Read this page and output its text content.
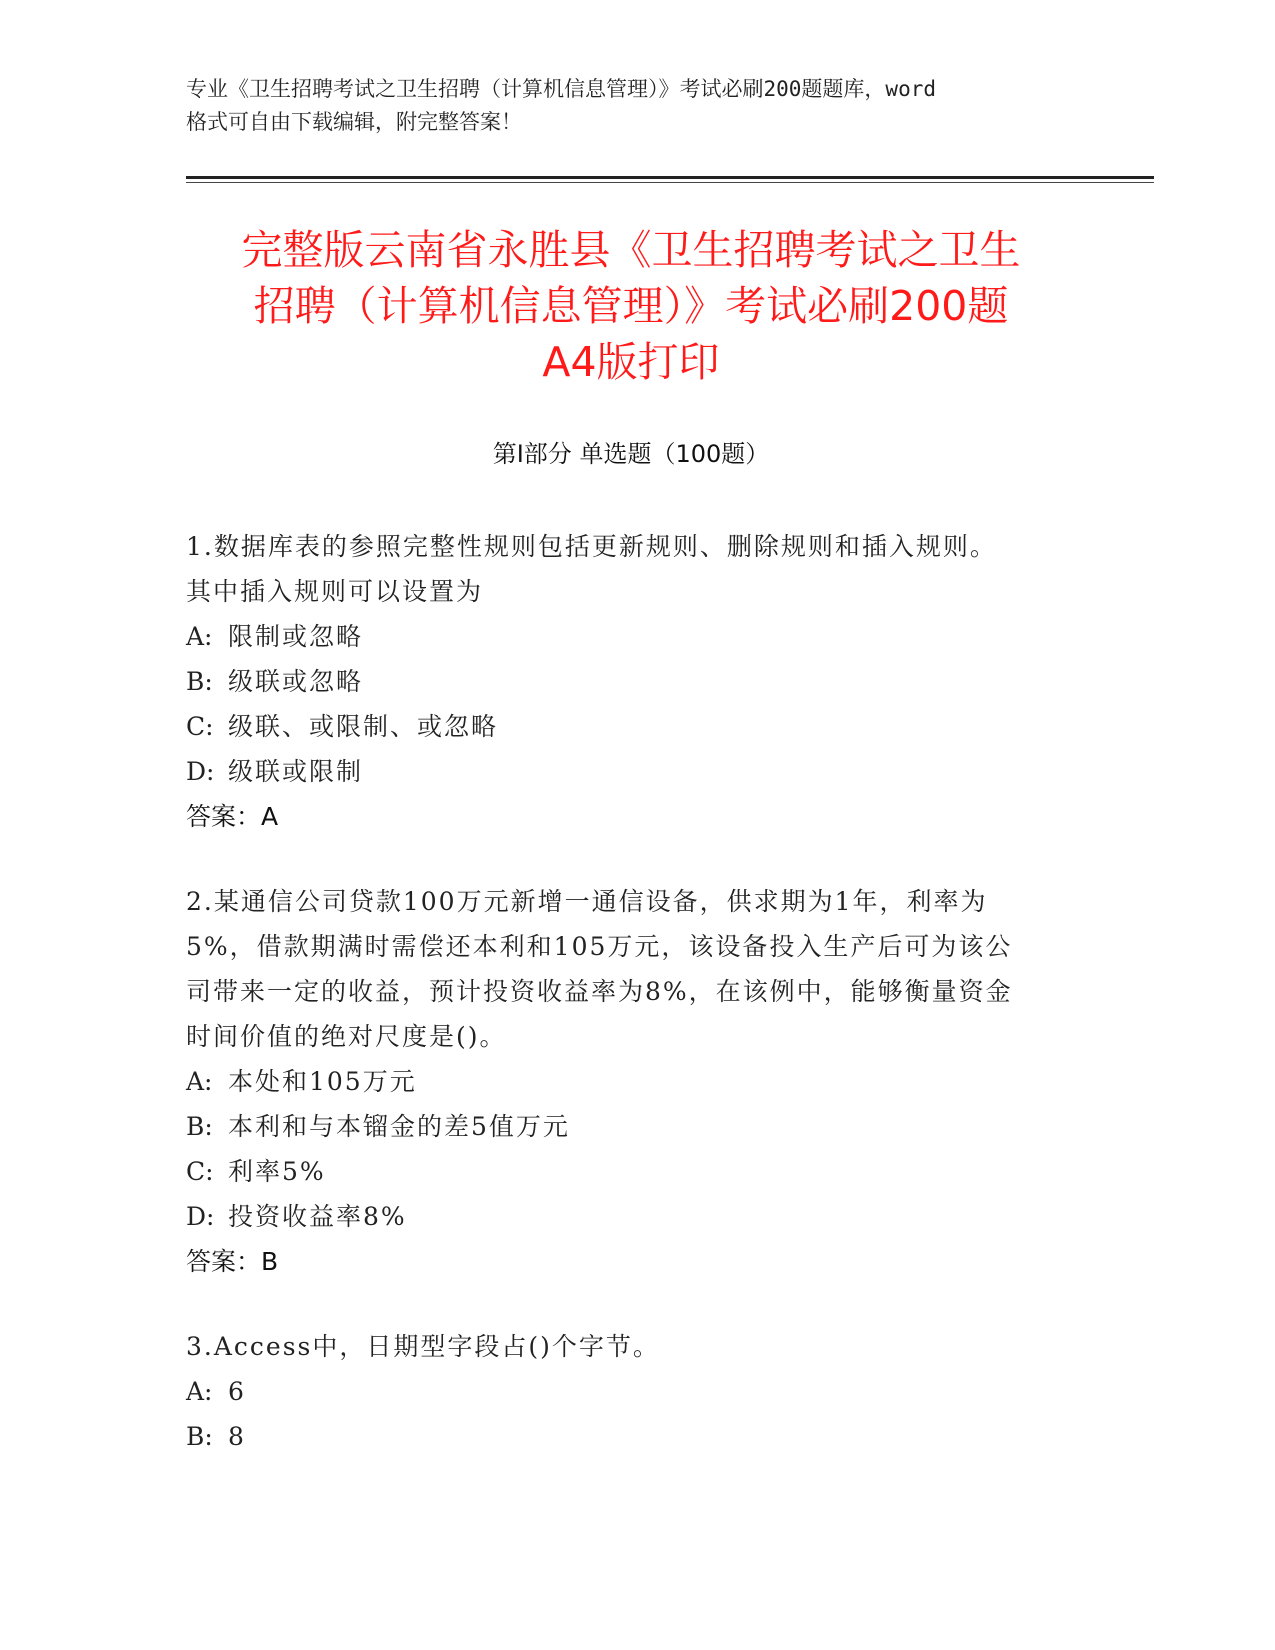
专业《卫生招聘考试之卫生招聘（计算机信息管理）》考试必刷200题题库，word
格式可自由下载编辑，附完整答案！
完整版云南省永胜县《卫生招聘考试之卫生
招聘（计算机信息管理）》考试必刷200题
A4版打印
第Ⅰ部分 单选题（100题）
1.数据库表的参照完整性规则包括更新规则、删除规则和插入规则。
其中插入规则可以设置为
A: 限制或忽略
B: 级联或忽略
C: 级联、或限制、或忽略
D: 级联或限制
答案：A
2.某通信公司贷款100万元新增一通信设备，供求期为1年，利率为
5%，借款期满时需偿还本利和105万元，该设备投入生产后可为该公
司带来一定的收益，预计投资收益率为8%，在该例中，能够衡量资金
时间价值的绝对尺度是()。
A: 本处和105万元
B: 本利和与本镏金的差5值万元
C: 利率5%
D: 投资收益率8%
答案：B
3.Access中，日期型字段占()个字节。
A: 6
B: 8
